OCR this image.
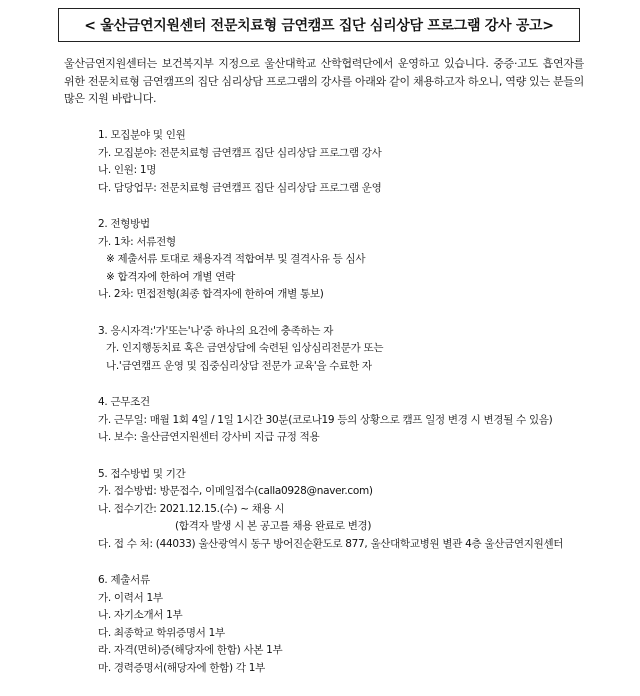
< 울산금연지원센터 전문치료형 금연캠프 집단 심리상담 프로그램 강사 공고>
울산금연지원센터는 보건복지부 지정으로 울산대학교 산학협력단에서 운영하고 있습니다. 중증·고도 흡연자를 위한 전문치료형 금연캠프의 집단 심리상담 프로그램의 강사를 아래와 같이 채용하고자 하오니, 역량 있는 분들의 많은 지원 바랍니다.
1. 모집분야 및 인원
가. 모집분야: 전문치료형 금연캠프 집단 심리상담 프로그램 강사
나. 인원: 1명
다. 담당업무: 전문치료형 금연캠프 집단 심리상담 프로그램 운영
2. 전형방법
가. 1차: 서류전형
※ 제출서류 토대로 채용자격 적합여부 및 결격사유 등 심사
※ 합격자에 한하여 개별 연락
나. 2차: 면접전형(최종 합격자에 한하여 개별 통보)
3. 응시자격:'가'또는'나'중 하나의 요건에 충족하는 자
가. 인지행동치료 혹은 금연상담에 숙련된 임상심리전문가 또는
나.'금연캠프 운영 및 집중심리상담 전문가 교육'을 수료한 자
4. 근무조건
가. 근무일: 매월 1회 4일 / 1일 1시간 30분(코로나19 등의 상황으로 캠프 일정 변경 시 변경될 수 있음)
나. 보수: 울산금연지원센터 강사비 지급 규정 적용
5. 접수방법 및 기간
가. 접수방법: 방문접수, 이메일접수(calla0928@naver.com)
나. 접수기간: 2021.12.15.(수) ~ 채용 시
(합격자 발생 시 본 공고를 채용 완료로 변경)
다. 접 수 처: (44033) 울산광역시 동구 방어진순환도로 877, 울산대학교병원 별관 4층 울산금연지원센터
6. 제출서류
가. 이력서 1부
나. 자기소개서 1부
다. 최종학교 학위증명서 1부
라. 자격(면허)증(해당자에 한함) 사본 1부
마. 경력증명서(해당자에 한함) 각 1부
